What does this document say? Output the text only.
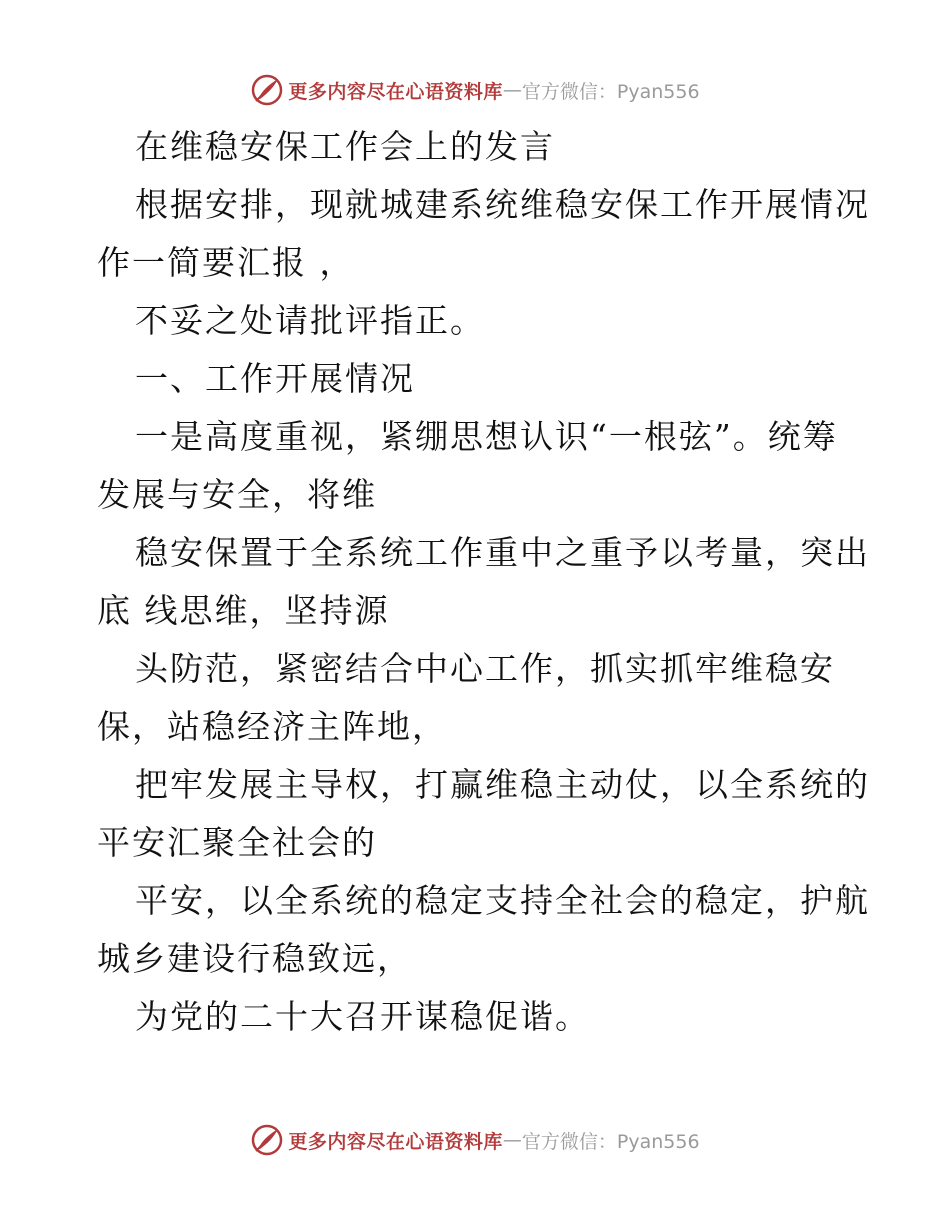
更多内容尽在心语资料库 — 官方微信：Pyan556
在维稳安保工作会上的发言
根据安排，现就城建系统维稳安保工作开展情况
作一简要汇报 ，
不妥之处请批评指正。
一、工作开展情况
一是高度重视，紧绷思想认识“一根弦”。统筹
发展与安全，将维
稳安保置于全系统工作重中之重予以考量，突出
底 线思维，坚持源
头防范，紧密结合中心工作，抓实抓牢维稳安
保，站稳经济主阵地，
把牢发展主导权，打赢维稳主动仗，以全系统的
平安汇聚全社会的
平安，以全系统的稳定支持全社会的稳定，护航
城乡建设行稳致远，
为党的二十大召开谋稳促谐。
更多内容尽在心语资料库 — 官方微信：Pyan556
